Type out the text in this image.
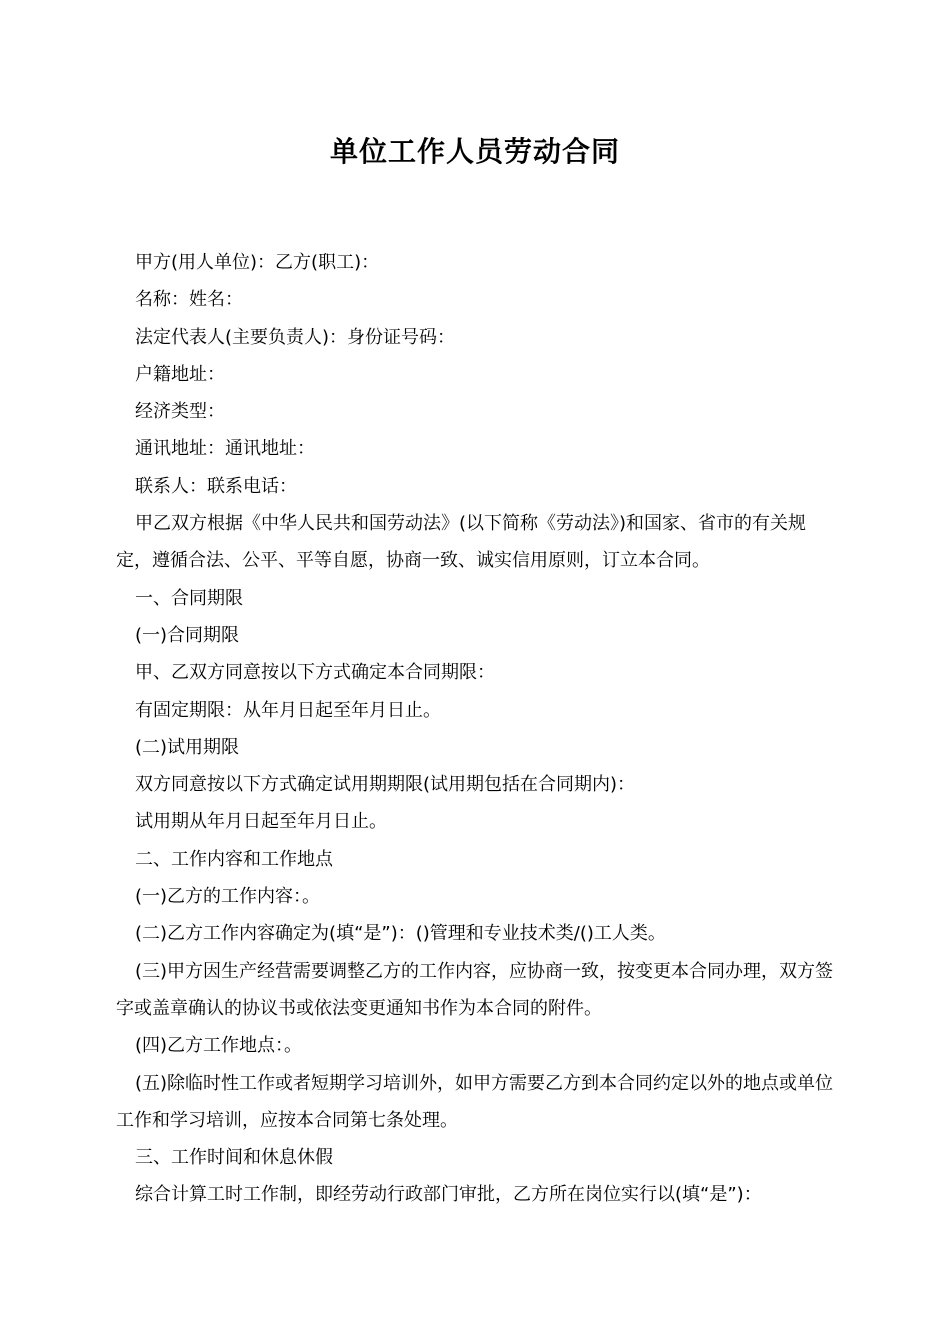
单位工作人员劳动合同

甲方(用人单位)：乙方(职工)：

名称：姓名：

法定代表人(主要负责人)：身份证号码：

户籍地址：

经济类型：

通讯地址：通讯地址：

联系人：联系电话：

甲乙双方根据《中华人民共和国劳动法》(以下简称《劳动法》)和国家、省市的有关规定，遵循合法、公平、平等自愿，协商一致、诚实信用原则，订立本合同。

一、合同期限

(一)合同期限

甲、乙双方同意按以下方式确定本合同期限：

有固定期限：从年月日起至年月日止。

(二)试用期限

双方同意按以下方式确定试用期期限(试用期包括在合同期内)：

试用期从年月日起至年月日止。

二、工作内容和工作地点

(一)乙方的工作内容：。

(二)乙方工作内容确定为(填“是”)：()管理和专业技术类/()工人类。

(三)甲方因生产经营需要调整乙方的工作内容，应协商一致，按变更本合同办理，双方签字或盖章确认的协议书或依法变更通知书作为本合同的附件。

(四)乙方工作地点：。

(五)除临时性工作或者短期学习培训外，如甲方需要乙方到本合同约定以外的地点或单位工作和学习培训，应按本合同第七条处理。

三、工作时间和休息休假

综合计算工时工作制，即经劳动行政部门审批，乙方所在岗位实行以(填“是”)：
